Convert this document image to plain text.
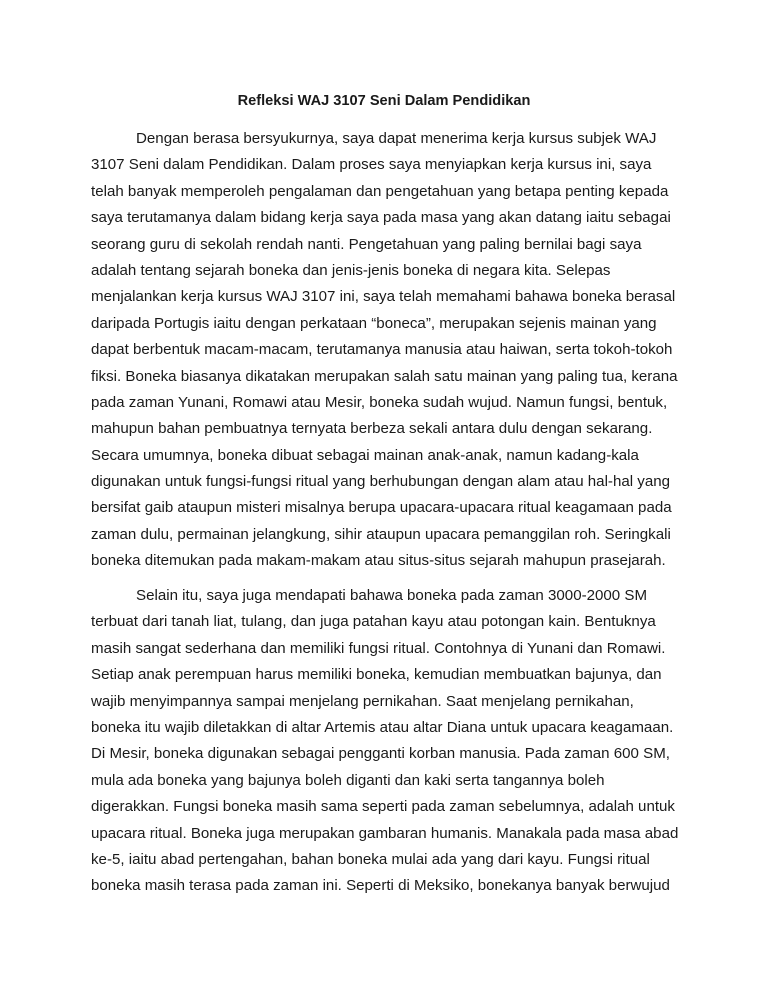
Refleksi WAJ 3107 Seni Dalam Pendidikan
Dengan berasa bersyukurnya, saya dapat menerima kerja kursus subjek WAJ
3107 Seni dalam Pendidikan. Dalam proses saya menyiapkan kerja kursus ini, saya
telah banyak memperoleh pengalaman dan pengetahuan yang betapa penting kepada
saya terutamanya dalam bidang kerja saya pada masa yang akan datang iaitu sebagai
seorang guru di sekolah rendah nanti. Pengetahuan yang paling bernilai bagi saya
adalah tentang sejarah boneka dan jenis-jenis boneka di negara kita. Selepas
menjalankan kerja kursus WAJ 3107 ini, saya telah memahami bahawa boneka berasal
daripada Portugis iaitu dengan perkataan “boneca”, merupakan sejenis mainan yang
dapat berbentuk macam-macam, terutamanya manusia atau haiwan, serta tokoh-tokoh
fiksi. Boneka biasanya dikatakan merupakan salah satu mainan yang paling tua, kerana
pada zaman Yunani, Romawi atau Mesir, boneka sudah wujud. Namun fungsi, bentuk,
mahupun bahan pembuatnya ternyata berbeza sekali antara dulu dengan sekarang.
Secara umumnya, boneka dibuat sebagai mainan anak-anak, namun kadang-kala
digunakan untuk fungsi-fungsi ritual yang berhubungan dengan alam atau hal-hal yang
bersifat gaib ataupun misteri misalnya berupa upacara-upacara ritual keagamaan pada
zaman dulu, permainan jelangkung, sihir ataupun upacara pemanggilan roh. Seringkali
boneka ditemukan pada makam-makam atau situs-situs sejarah mahupun prasejarah.
Selain itu, saya juga mendapati bahawa boneka pada zaman 3000-2000 SM
terbuat dari tanah liat, tulang, dan juga patahan kayu atau potongan kain. Bentuknya
masih sangat sederhana dan memiliki fungsi ritual. Contohnya di Yunani dan Romawi.
Setiap anak perempuan harus memiliki boneka, kemudian membuatkan bajunya, dan
wajib menyimpannya sampai menjelang pernikahan. Saat menjelang pernikahan,
boneka itu wajib diletakkan di altar Artemis atau altar Diana untuk upacara keagamaan.
Di Mesir, boneka digunakan sebagai pengganti korban manusia. Pada zaman 600 SM,
mula ada boneka yang bajunya boleh diganti dan kaki serta tangannya boleh
digerakkan. Fungsi boneka masih sama seperti pada zaman sebelumnya, adalah untuk
upacara ritual. Boneka juga merupakan gambaran humanis. Manakala pada masa abad
ke-5, iaitu abad pertengahan, bahan boneka mulai ada yang dari kayu. Fungsi ritual
boneka masih terasa pada zaman ini. Seperti di Meksiko, bonekanya banyak berwujud
